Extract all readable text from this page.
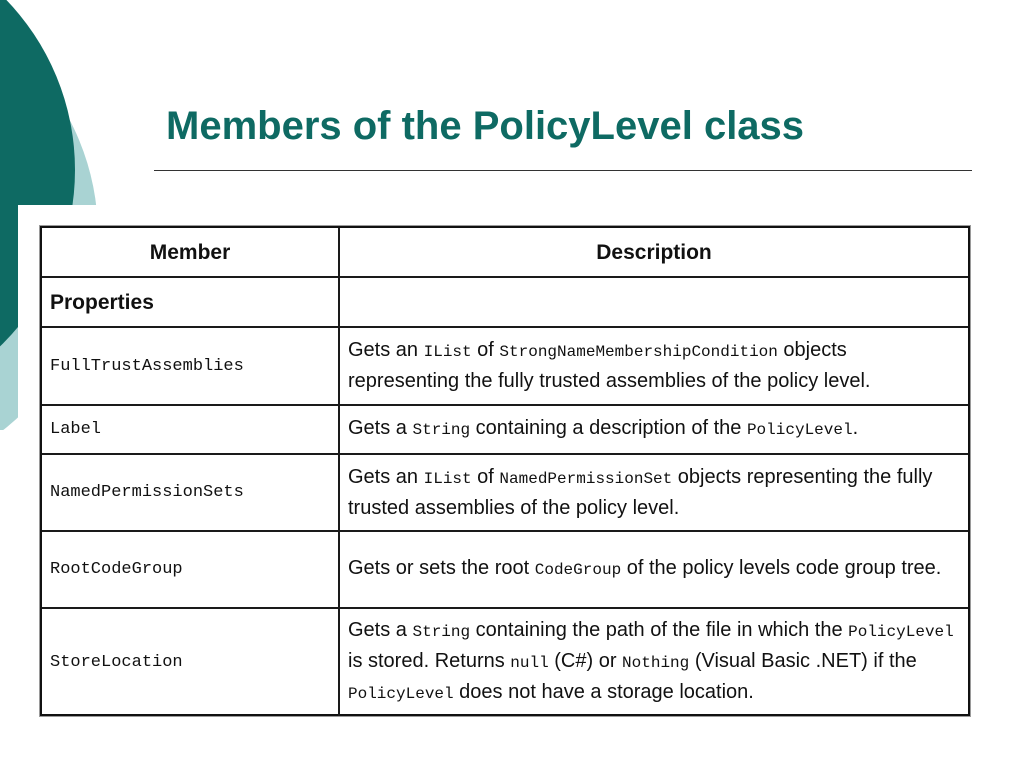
Members of the PolicyLevel class
Member	Description
Properties	
FullTrustAssemblies	Gets an IList of StrongNameMembershipCondition objects representing the fully trusted assemblies of the policy level.
Label	Gets a String containing a description of the PolicyLevel.
NamedPermissionSets	Gets an IList of NamedPermissionSet objects representing the fully trusted assemblies of the policy level.
RootCodeGroup	Gets or sets the root CodeGroup of the policy levels code group tree.
StoreLocation	Gets a String containing the path of the file in which the PolicyLevel is stored. Returns null (C#) or Nothing (Visual Basic .NET) if the PolicyLevel does not have a storage location.
